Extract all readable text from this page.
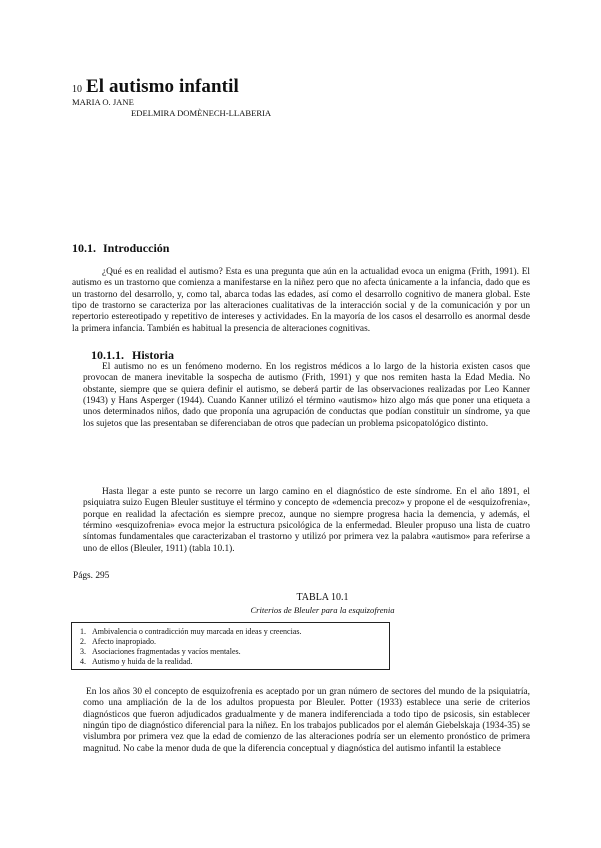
10 El autismo infantil
MARIA O. JANE
EDELMIRA DOMÈNECH-LLABERIA
10.1. Introducción

¿Qué es en realidad el autismo? Esta es una pregunta que aún en la actualidad evoca un enigma (Frith, 1991). El autismo es un trastorno que comienza a manifestarse en la niñez pero que no afecta únicamente a la infancia, dado que es un trastorno del desarrollo, y, como tal, abarca todas las edades, así como el desarrollo cognitivo de manera global. Este tipo de trastorno se caracteriza por las alteraciones cualitativas de la interacción social y de la comunicación y por un repertorio estereotipado y repetitivo de intereses y actividades. En la mayoría de los casos el desarrollo es anormal desde la primera infancia. También es habitual la presencia de alteraciones cognitivas.

10.1.1. Historia

El autismo no es un fenómeno moderno. En los registros médicos a lo largo de la historia existen casos que provocan de manera inevitable la sospecha de autismo (Frith, 1991) y que nos remiten hasta la Edad Media. No obstante, siempre que se quiera definir el autismo, se deberá partir de las observaciones realizadas por Leo Kanner (1943) y Hans Asperger (1944). Cuando Kanner utilizó el término «autismo» hizo algo más que poner una etiqueta a unos determinados niños, dado que proponía una agrupación de conductas que podían constituir un síndrome, ya que los sujetos que las presentaban se diferenciaban de otros que padecían un problema psicopatológico distinto.

Hasta llegar a este punto se recorre un largo camino en el diagnóstico de este síndrome. En el año 1891, el psiquiatra suizo Eugen Bleuler sustituye el término y concepto de «demencia precoz» y propone el de «esquizofrenia», porque en realidad la afectación es siempre precoz, aunque no siempre progresa hacia la demencia, y además, el término «esquizofrenia» evoca mejor la estructura psicológica de la enfermedad. Bleuler propuso una lista de cuatro síntomas fundamentales que caracterizaban el trastorno y utilizó por primera vez la palabra «autismo» para referirse a uno de ellos (Bleuler, 1911) (tabla 10.1).

Págs. 295
TABLA 10.1
Criterios de Bleuler para la esquizofrenia
1. Ambivalencia o contradicción muy marcada en ideas y creencias.
2. Afecto inapropiado.
3. Asociaciones fragmentadas y vacíos mentales.
4. Autismo y huida de la realidad.

En los años 30 el concepto de esquizofrenia es aceptado por un gran número de sectores del mundo de la psiquiatría, como una ampliación de la de los adultos propuesta por Bleuler. Potter (1933) establece una serie de criterios diagnósticos que fueron adjudicados gradualmente y de manera indiferenciada a todo tipo de psicosis, sin establecer ningún tipo de diagnóstico diferencial para la niñez. En los trabajos publicados por el alemán Giebelskaja (1934-35) se vislumbra por primera vez que la edad de comienzo de las alteraciones podría ser un elemento pronóstico de primera magnitud. No cabe la menor duda de que la diferencia conceptual y diagnóstica del autismo infantil la establece
